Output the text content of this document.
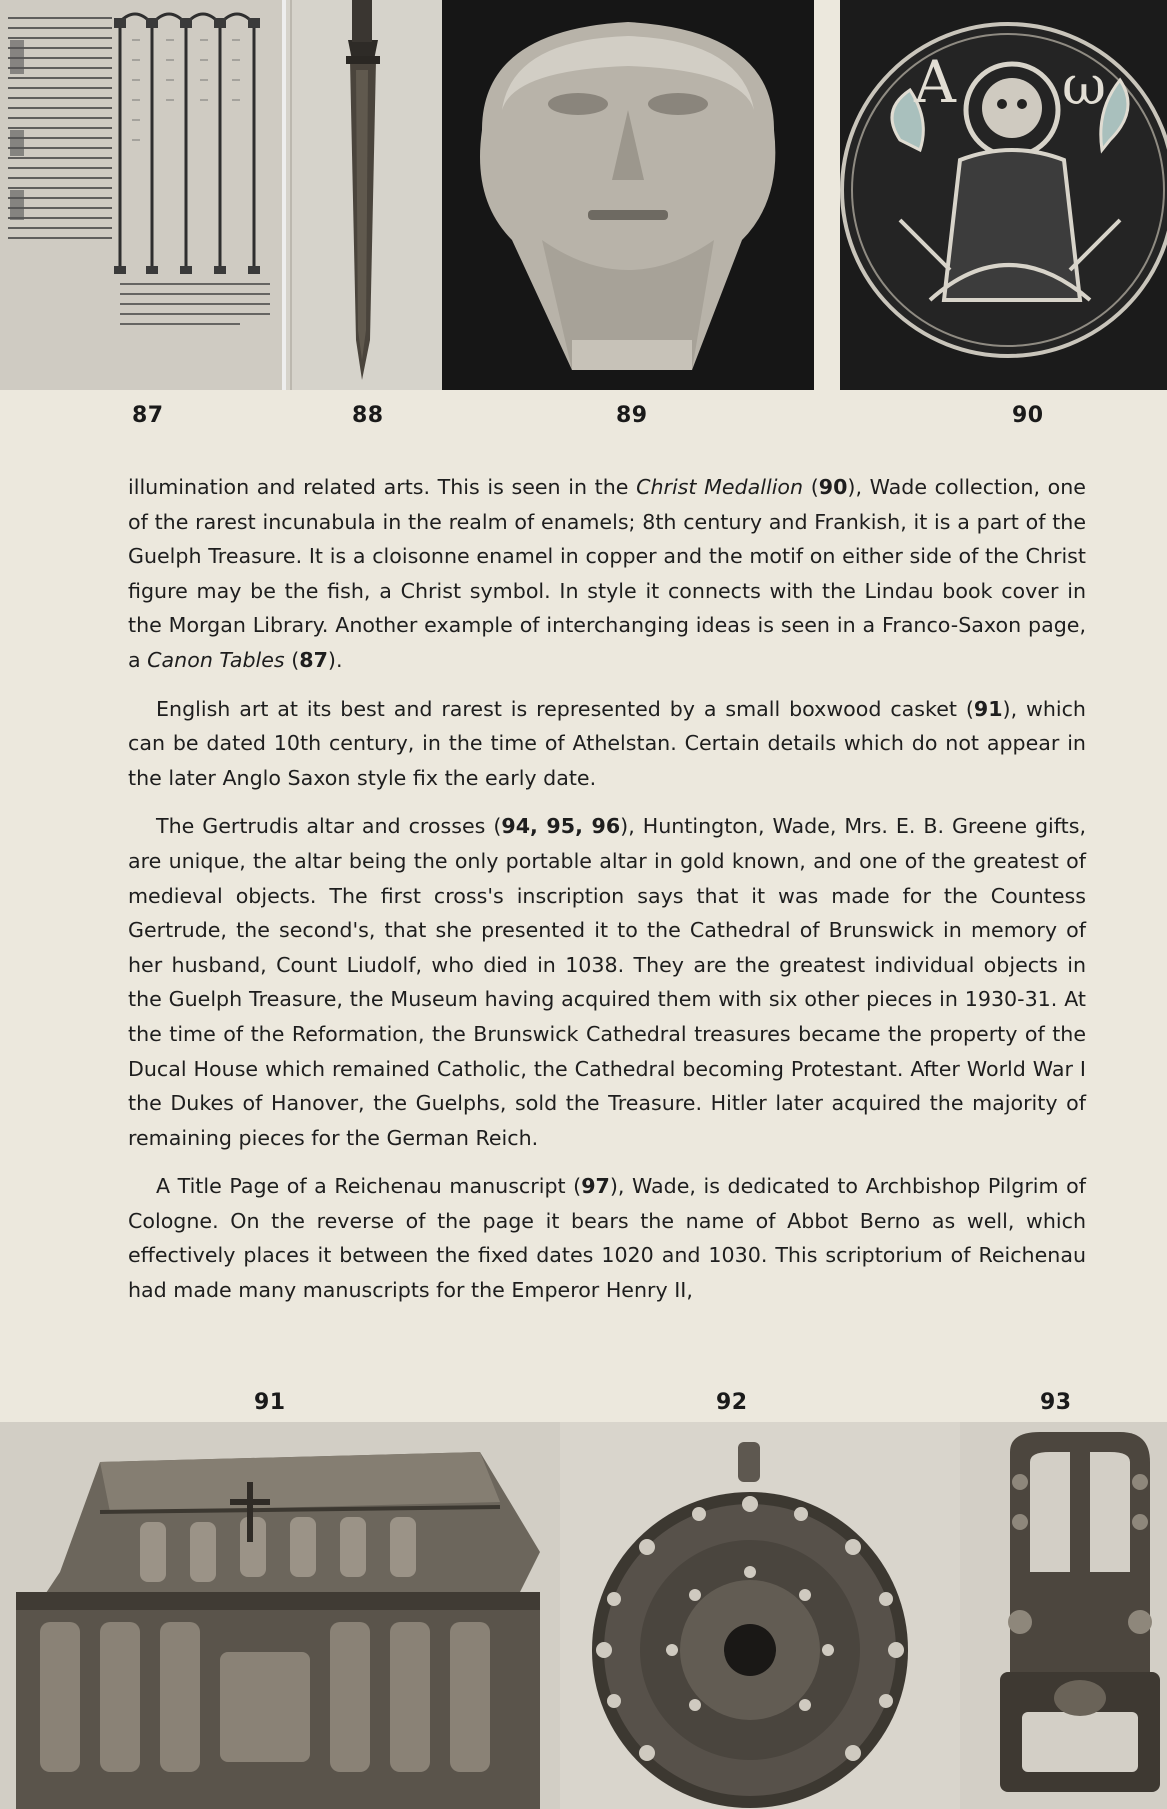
A ω
87	88	89	90

illumination and related arts. This is seen in the Christ Medallion (90), Wade collection, one of the rarest incunabula in the realm of enamels; 8th century and Frankish, it is a part of the Guelph Treasure. It is a cloisonne enamel in copper and the motif on either side of the Christ figure may be the fish, a Christ symbol. In style it connects with the Lindau book cover in the Morgan Library. Another example of interchanging ideas is seen in a Franco-Saxon page, a Canon Tables (87).

English art at its best and rarest is represented by a small boxwood casket (91), which can be dated 10th century, in the time of Athelstan. Certain details which do not appear in the later Anglo Saxon style fix the early date.

The Gertrudis altar and crosses (94, 95, 96), Huntington, Wade, Mrs. E. B. Greene gifts, are unique, the altar being the only portable altar in gold known, and one of the greatest of medieval objects. The first cross's inscription says that it was made for the Countess Gertrude, the second's, that she presented it to the Cathedral of Brunswick in memory of her husband, Count Liudolf, who died in 1038. They are the greatest individual objects in the Guelph Treasure, the Museum having acquired them with six other pieces in 1930-31. At the time of the Reformation, the Brunswick Cathedral treasures became the property of the Ducal House which remained Catholic, the Cathedral becoming Protestant. After World War I the Dukes of Hanover, the Guelphs, sold the Treasure. Hitler later acquired the majority of remaining pieces for the German Reich.

A Title Page of a Reichenau manuscript (97), Wade, is dedicated to Archbishop Pilgrim of Cologne. On the reverse of the page it bears the name of Abbot Berno as well, which effectively places it between the fixed dates 1020 and 1030. This scriptorium of Reichenau had made many manuscripts for the Emperor Henry II,

91	92	93
